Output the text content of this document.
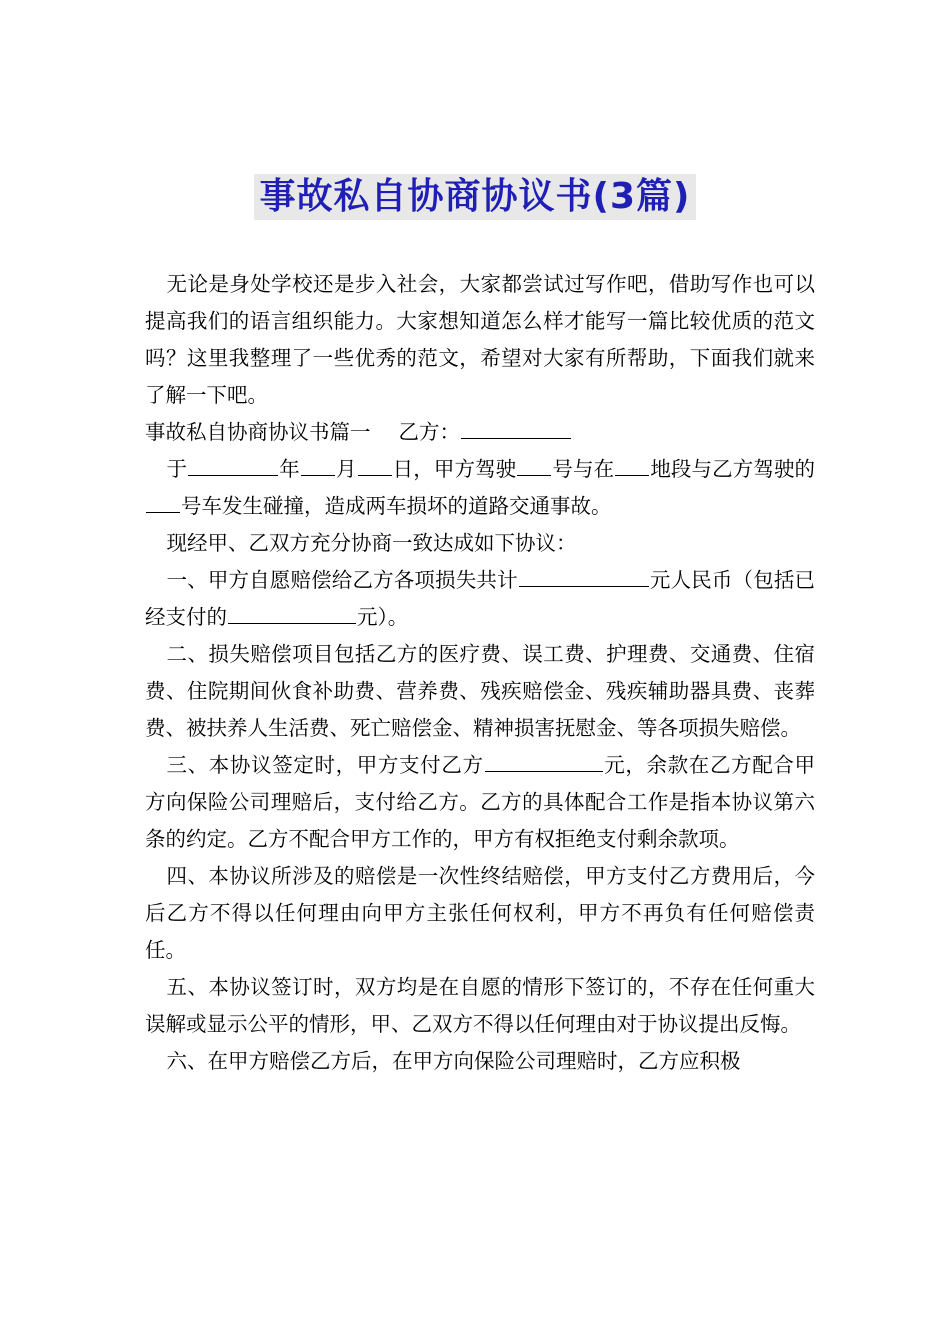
事故私自协商协议书(3篇)

无论是身处学校还是步入社会，大家都尝试过写作吧，借助写作也可以提高我们的语言组织能力。大家想知道怎么样才能写一篇比较优质的范文吗？这里我整理了一些优秀的范文，希望对大家有所帮助，下面我们就来了解一下吧。

事故私自协商协议书篇一 乙方：

于	年 月 日，甲方驾驶 号与在 地段与乙方驾驶的号车发生碰撞，造成两车损坏的道路交通事故。

现经甲、乙双方充分协商一致达成如下协议：

一、甲方自愿赔偿给乙方各项损失共计	元人民币（包括已经支付的	元）。

二、损失赔偿项目包括乙方的医疗费、误工费、护理费、交通费、住宿费、住院期间伙食补助费、营养费、残疾赔偿金、残疾辅助器具费、丧葬费、被扶养人生活费、死亡赔偿金、精神损害抚慰金、等各项损失赔偿。

三、本协议签定时，甲方支付乙方	元，余款在乙方配合甲方向保险公司理赔后，支付给乙方。乙方的具体配合工作是指本协议第六条的约定。乙方不配合甲方工作的，甲方有权拒绝支付剩余款项。

四、本协议所涉及的赔偿是一次性终结赔偿，甲方支付乙方费用后，今后乙方不得以任何理由向甲方主张任何权利，甲方不再负有任何赔偿责任。

五、本协议签订时，双方均是在自愿的情形下签订的，不存在任何重大误解或显示公平的情形，甲、乙双方不得以任何理由对于协议提出反悔。

六、在甲方赔偿乙方后，在甲方向保险公司理赔时，乙方应积极
